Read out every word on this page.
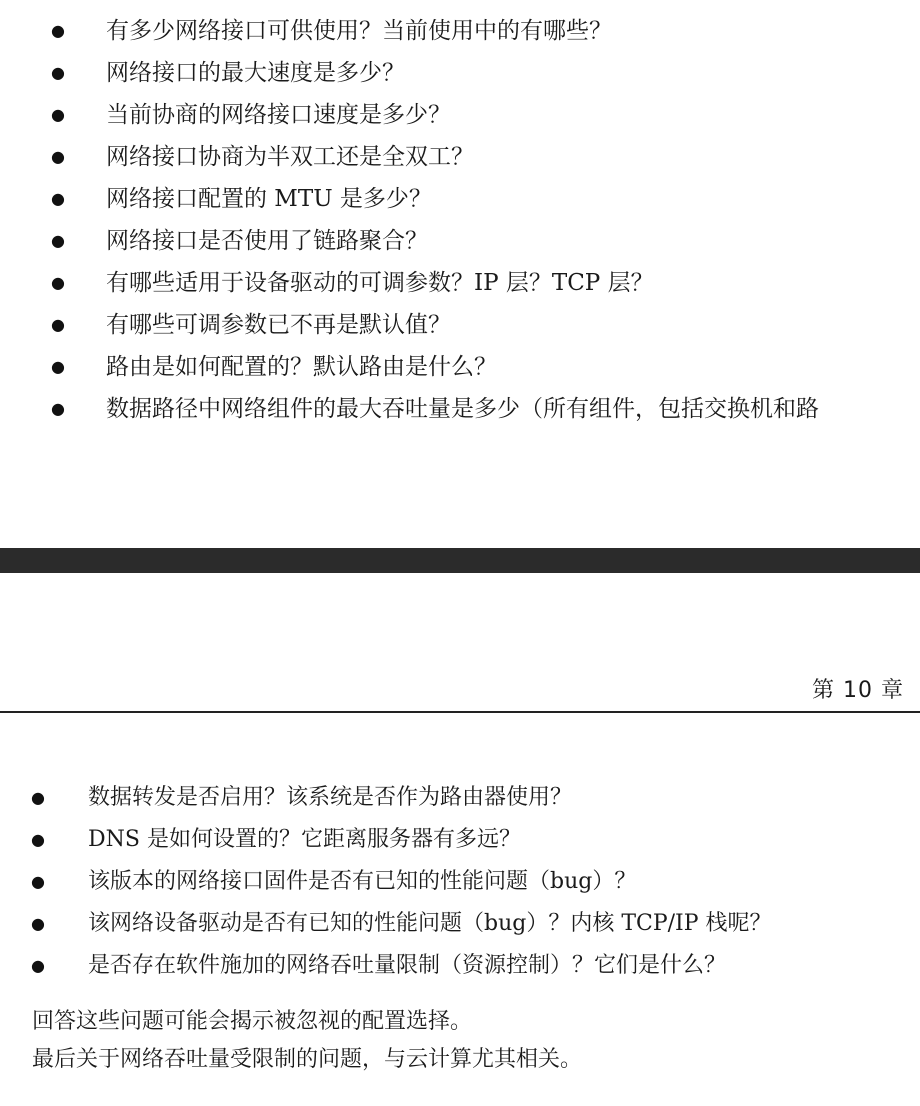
● 有多少网络接口可供使用？当前使用中的有哪些？
● 网络接口的最大速度是多少？
● 当前协商的网络接口速度是多少？
● 网络接口协商为半双工还是全双工？
● 网络接口配置的 MTU 是多少？
● 网络接口是否使用了链路聚合？
● 有哪些适用于设备驱动的可调参数？IP 层？TCP 层？
● 有哪些可调参数已不再是默认值？
● 路由是如何配置的？默认路由是什么？
● 数据路径中网络组件的最大吞吐量是多少（所有组件，包括交换机和路
第 10 章
● 数据转发是否启用？该系统是否作为路由器使用？
● DNS 是如何设置的？它距离服务器有多远？
● 该版本的网络接口固件是否有已知的性能问题（bug）？
● 该网络设备驱动是否有已知的性能问题（bug）？内核 TCP/IP 栈呢？
● 是否存在软件施加的网络吞吐量限制（资源控制）？它们是什么？

回答这些问题可能会揭示被忽视的配置选择。

最后关于网络吞吐量受限制的问题，与云计算尤其相关。
